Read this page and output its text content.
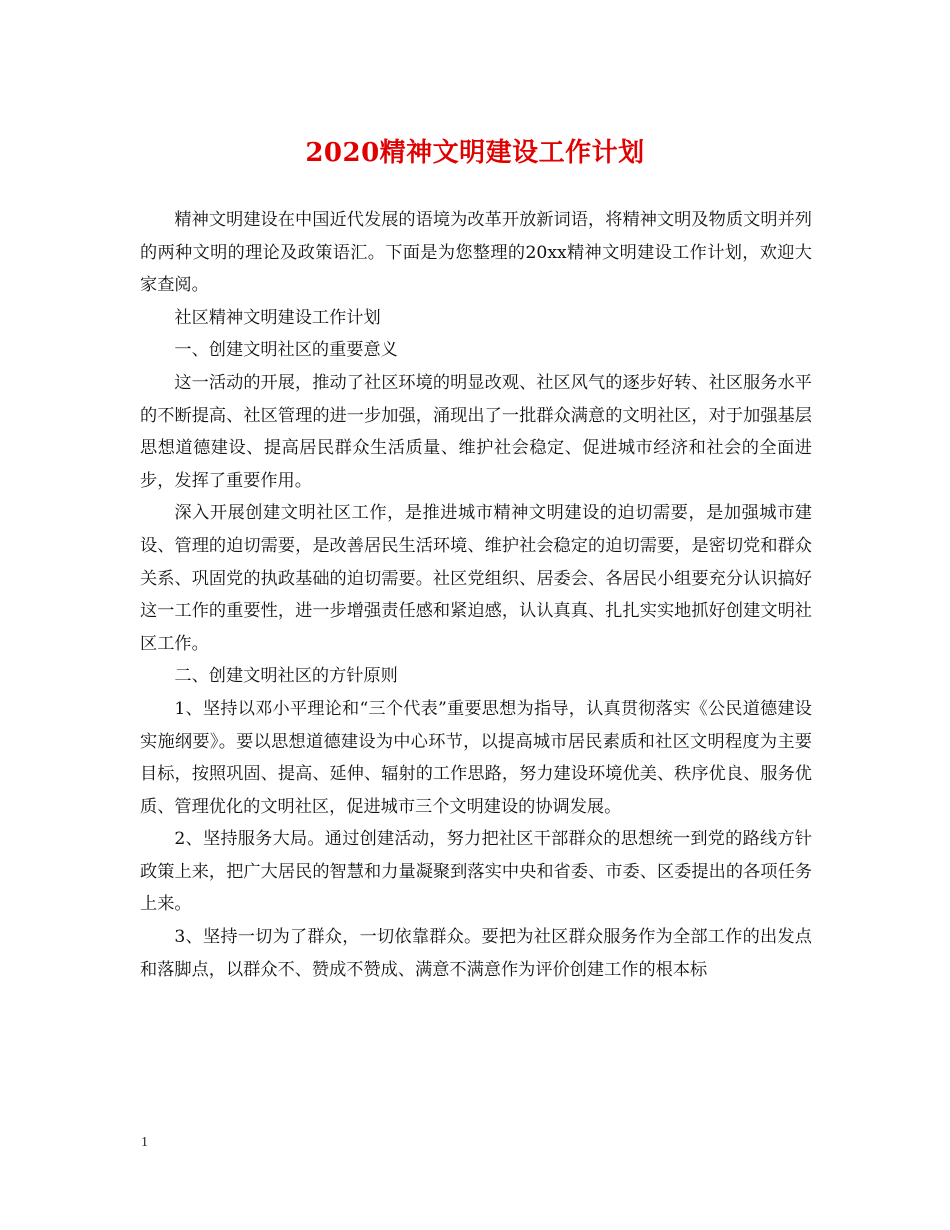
2020精神文明建设工作计划

精神文明建设在中国近代发展的语境为改革开放新词语，将精神文明及物质文明并列的两种文明的理论及政策语汇。下面是为您整理的20xx精神文明建设工作计划，欢迎大家查阅。

社区精神文明建设工作计划

一、创建文明社区的重要意义

这一活动的开展，推动了社区环境的明显改观、社区风气的逐步好转、社区服务水平的不断提高、社区管理的进一步加强，涌现出了一批群众满意的文明社区，对于加强基层思想道德建设、提高居民群众生活质量、维护社会稳定、促进城市经济和社会的全面进步，发挥了重要作用。

深入开展创建文明社区工作，是推进城市精神文明建设的迫切需要，是加强城市建设、管理的迫切需要，是改善居民生活环境、维护社会稳定的迫切需要，是密切党和群众关系、巩固党的执政基础的迫切需要。社区党组织、居委会、各居民小组要充分认识搞好这一工作的重要性，进一步增强责任感和紧迫感，认认真真、扎扎实实地抓好创建文明社区工作。

二、创建文明社区的方针原则

1、坚持以邓小平理论和“三个代表”重要思想为指导，认真贯彻落实《公民道德建设实施纲要》。要以思想道德建设为中心环节，以提高城市居民素质和社区文明程度为主要目标，按照巩固、提高、延伸、辐射的工作思路，努力建设环境优美、秩序优良、服务优质、管理优化的文明社区，促进城市三个文明建设的协调发展。

2、坚持服务大局。通过创建活动，努力把社区干部群众的思想统一到党的路线方针政策上来，把广大居民的智慧和力量凝聚到落实中央和省委、市委、区委提出的各项任务上来。

3、坚持一切为了群众，一切依靠群众。要把为社区群众服务作为全部工作的出发点和落脚点，以群众不、赞成不赞成、满意不满意作为评价创建工作的根本标

1
